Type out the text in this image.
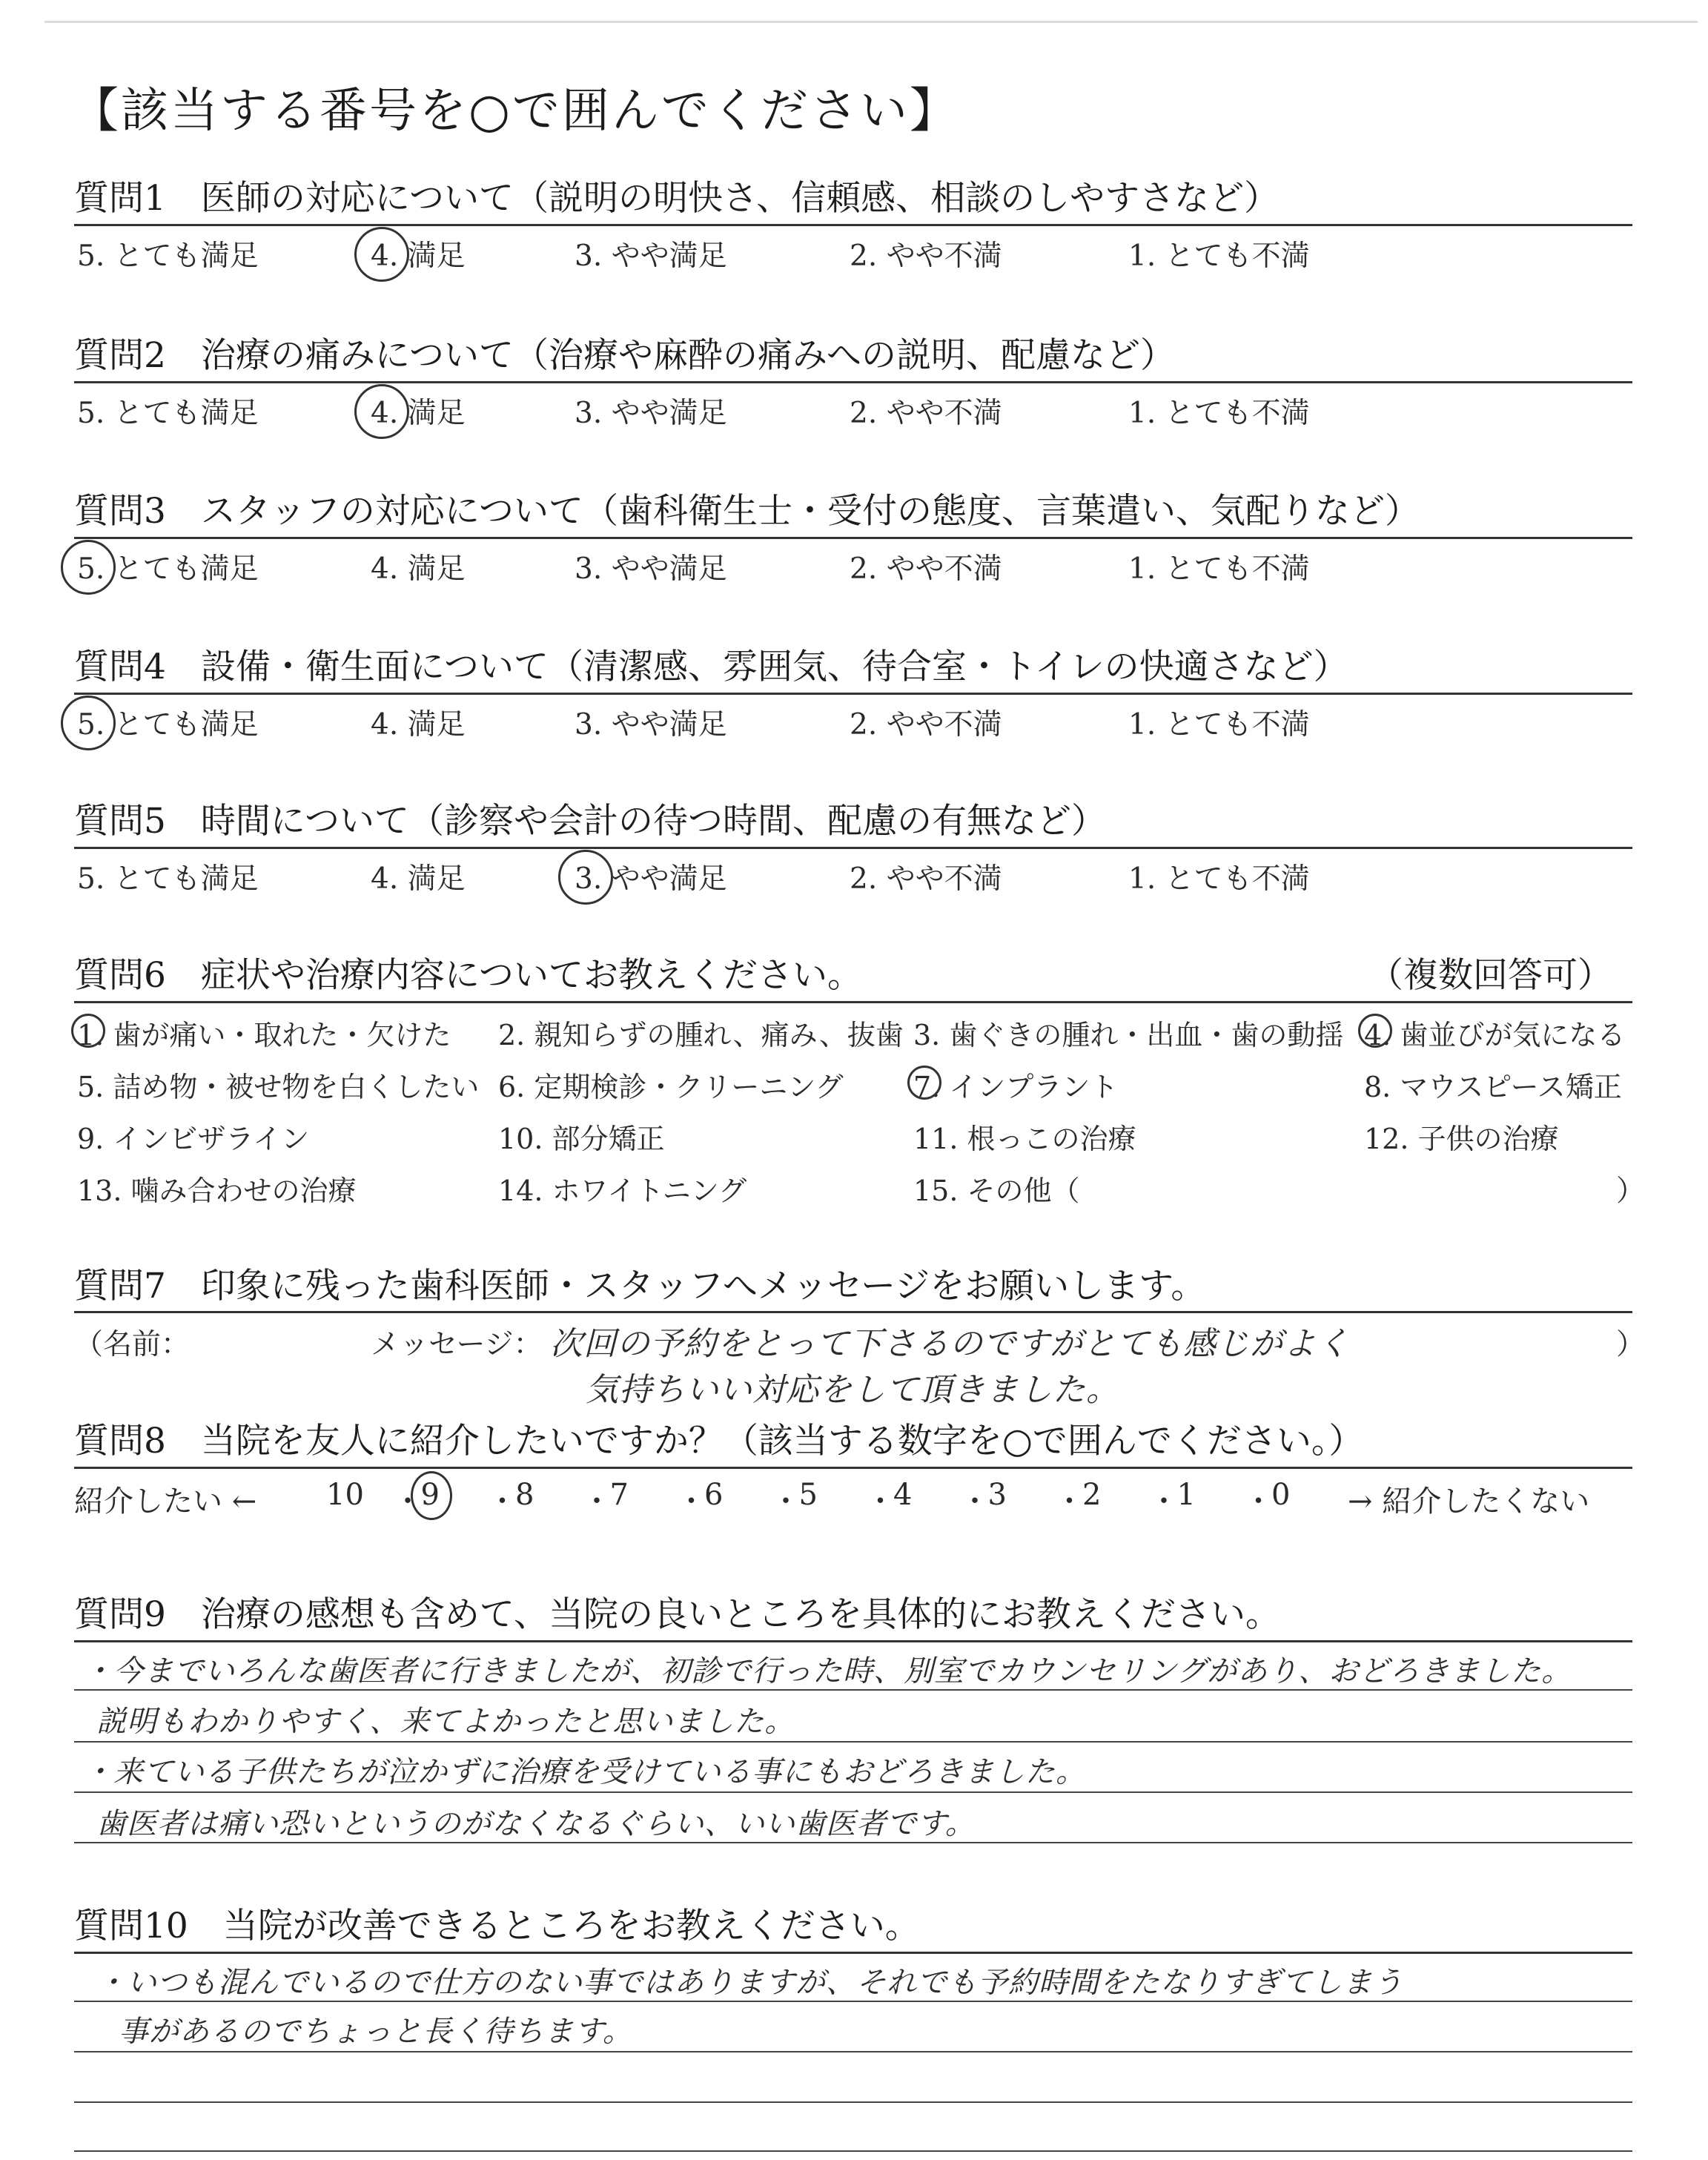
【該当する番号を○で囲んでください】
質問1　医師の対応について（説明の明快さ、信頼感、相談のしやすさなど）
5. とても満足	4. 満足	3. やや満足	2. やや不満	1. とても不満
質問2　治療の痛みについて（治療や麻酔の痛みへの説明、配慮など）
5. とても満足	4. 満足	3. やや満足	2. やや不満	1. とても不満
質問3　スタッフの対応について（歯科衛生士・受付の態度、言葉遣い、気配りなど）
5. とても満足	4. 満足	3. やや満足	2. やや不満	1. とても不満
質問4　設備・衛生面について（清潔感、雰囲気、待合室・トイレの快適さなど）
5. とても満足	4. 満足	3. やや満足	2. やや不満	1. とても不満
質問5　時間について（診察や会計の待つ時間、配慮の有無など）
5. とても満足	4. 満足	3. やや満足	2. やや不満	1. とても不満
質問6　症状や治療内容についてお教えください。	（複数回答可）
1. 歯が痛い・取れた・欠けた 2. 親知らずの腫れ、痛み、抜歯 3. 歯ぐきの腫れ・出血・歯の動揺 4. 歯並びが気になる
5. 詰め物・被せ物を白くしたい 6. 定期検診・クリーニング 7. インプラント	8. マウスピース矯正
9. インビザライン	10. 部分矯正	11. 根っこの治療	12. 子供の治療
13. 噛み合わせの治療	14. ホワイトニング	15. その他（	）
質問7　印象に残った歯科医師・スタッフへメッセージをお願いします。
（名前：	メッセージ： 次回の予約をとって下さるのですがとても感じがよく
気持ちいい対応をして頂きました。
）
質問8　当院を友人に紹介したいですか？（該当する数字を○で囲んでください。）
紹介したい ← 10 ・
9 ・
8 ・
7 ・
6 ・
5 ・
4 ・
3 ・
2 ・
1 ・
0 → 紹介したくない
質問9　治療の感想も含めて、当院の良いところを具体的にお教えください。
・今までいろんな歯医者に行きましたが、初診で行った時、別室でカウンセリングがあり、おどろきました。
説明もわかりやすく、来てよかったと思いました。
・来ている子供たちが泣かずに治療を受けている事にもおどろきました。
歯医者は痛い恐いというのがなくなるぐらい、いい歯医者です。
質問10　当院が改善できるところをお教えください。
・いつも混んでいるので仕方のない事ではありますが、それでも予約時間をたなりすぎてしまう
事があるのでちょっと長く待ちます。
